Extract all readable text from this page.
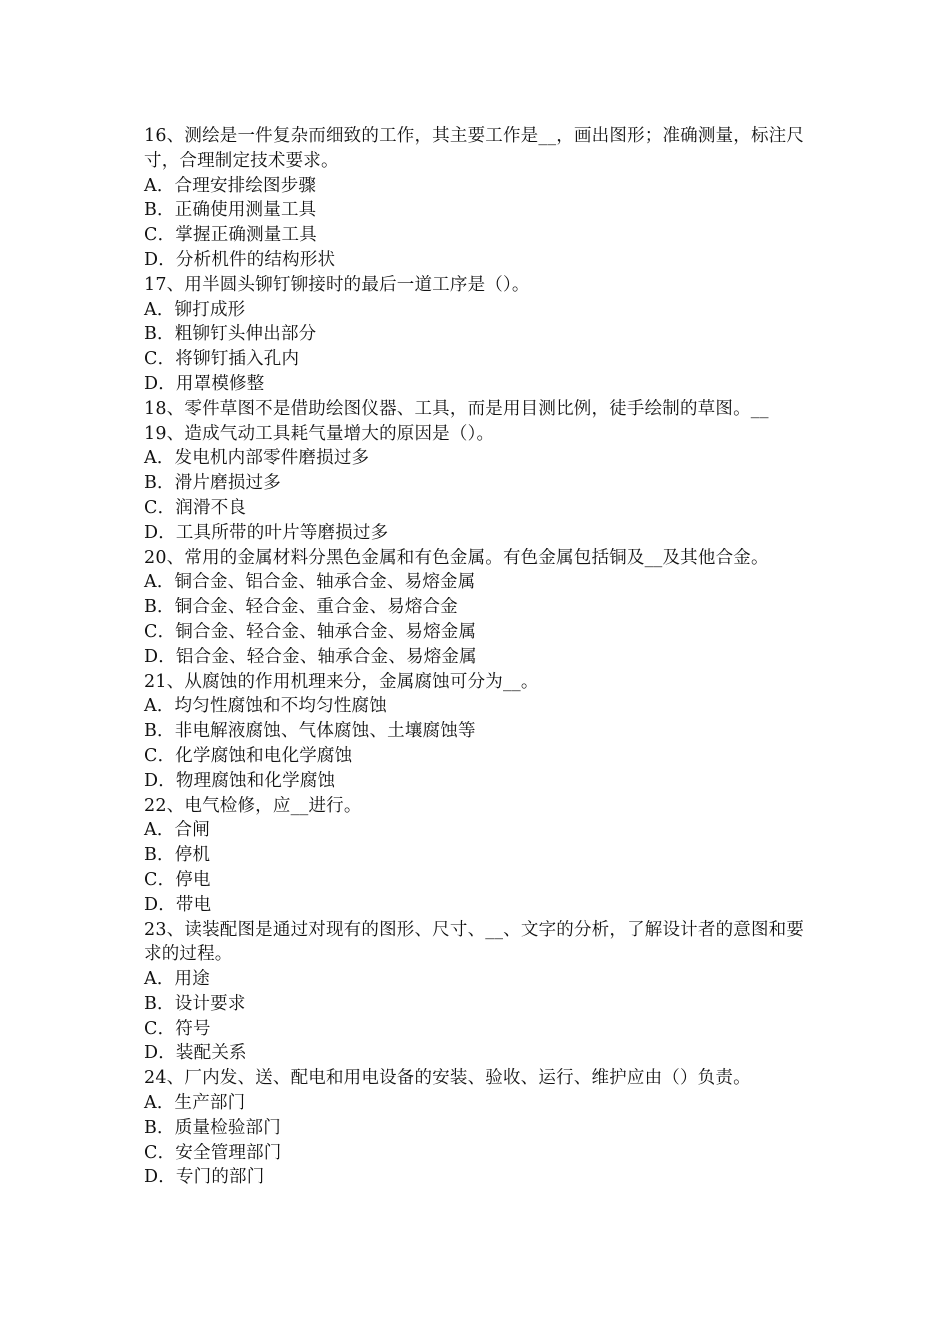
16、测绘是一件复杂而细致的工作，其主要工作是__，画出图形；准确测量，标注尺寸，合理制定技术要求。

A．合理安排绘图步骤

B．正确使用测量工具

C．掌握正确测量工具

D．分析机件的结构形状

17、用半圆头铆钉铆接时的最后一道工序是（）。

A．铆打成形

B．粗铆钉头伸出部分

C．将铆钉插入孔内

D．用罩模修整

18、零件草图不是借助绘图仪器、工具，而是用目测比例，徒手绘制的草图。__

19、造成气动工具耗气量增大的原因是（）。

A．发电机内部零件磨损过多

B．滑片磨损过多

C．润滑不良

D．工具所带的叶片等磨损过多

20、常用的金属材料分黑色金属和有色金属。有色金属包括铜及__及其他合金。

A．铜合金、铝合金、轴承合金、易熔金属

B．铜合金、轻合金、重合金、易熔合金

C．铜合金、轻合金、轴承合金、易熔金属

D．铝合金、轻合金、轴承合金、易熔金属

21、从腐蚀的作用机理来分，金属腐蚀可分为__。

A．均匀性腐蚀和不均匀性腐蚀

B．非电解液腐蚀、气体腐蚀、土壤腐蚀等

C．化学腐蚀和电化学腐蚀

D．物理腐蚀和化学腐蚀

22、电气检修，应__进行。

A．合闸

B．停机

C．停电

D．带电

23、读装配图是通过对现有的图形、尺寸、__、文字的分析，了解设计者的意图和要求的过程。

A．用途

B．设计要求

C．符号

D．装配关系

24、厂内发、送、配电和用电设备的安装、验收、运行、维护应由（）负责。

A．生产部门

B．质量检验部门

C．安全管理部门

D．专门的部门
